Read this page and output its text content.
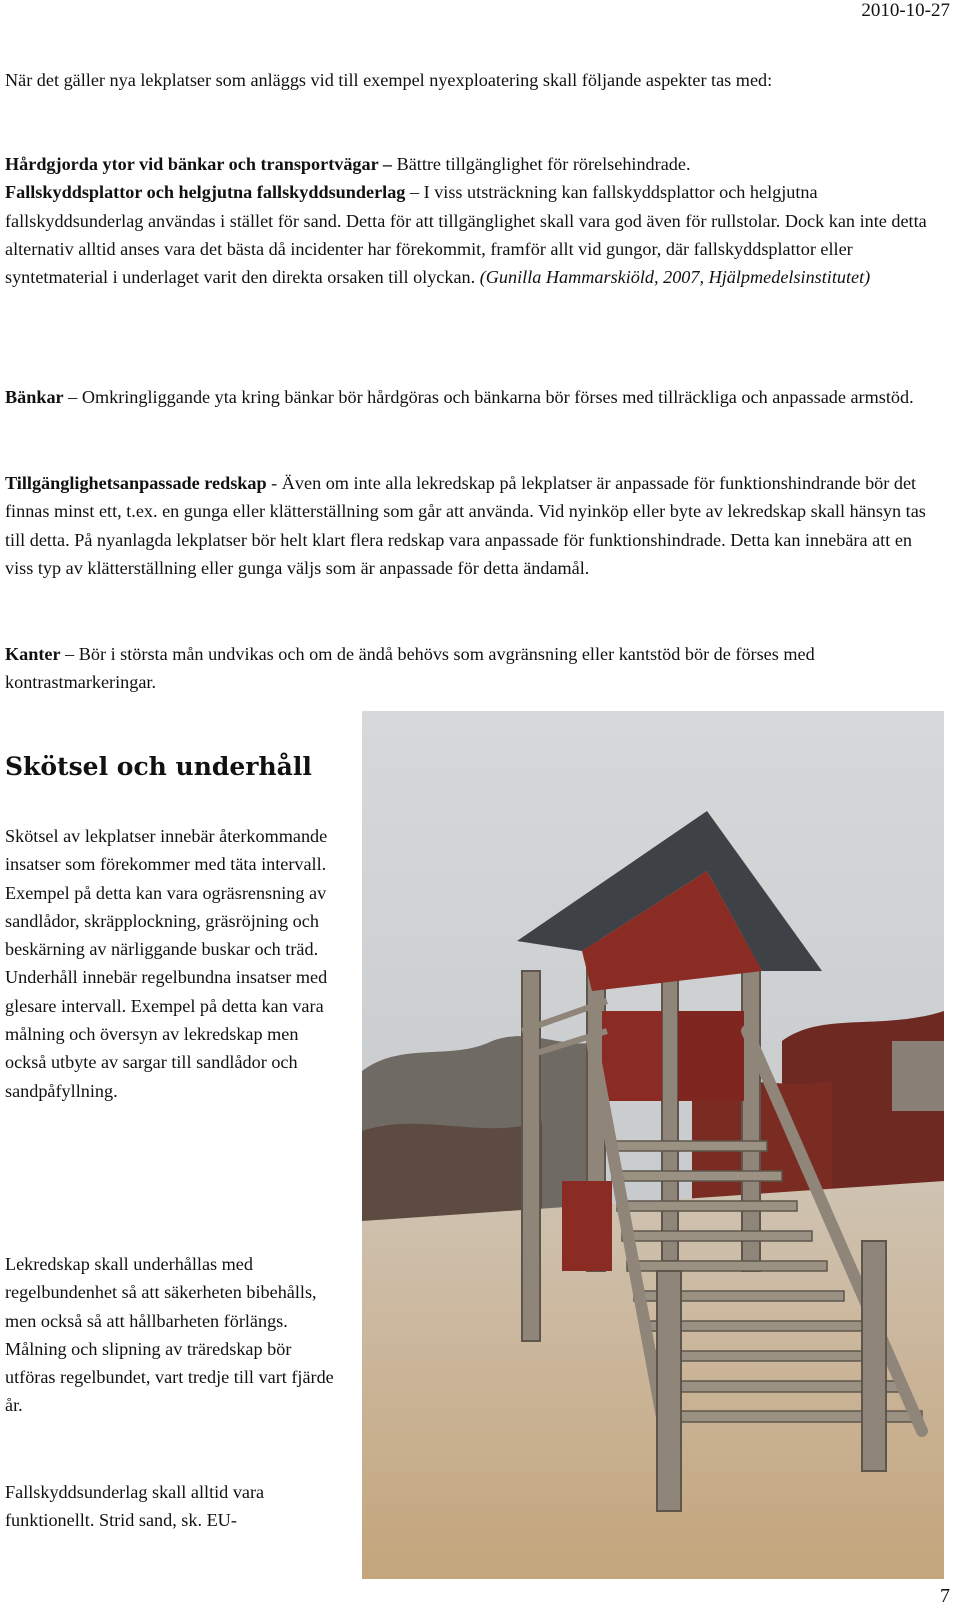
2010-10-27

När det gäller nya lekplatser som anläggs vid till exempel nyexploatering skall följande aspekter tas med:

Hårdgjorda ytor vid bänkar och transportvägar – Bättre tillgänglighet för rörelsehindrade.
Fallskyddsplattor och helgjutna fallskyddsunderlag – I viss utsträckning kan fallskyddsplattor och helgjutna fallskyddsunderlag användas i stället för sand. Detta för att tillgänglighet skall vara god även för rullstolar. Dock kan inte detta alternativ alltid anses vara det bästa då incidenter har förekommit, framför allt vid gungor, där fallskyddsplattor eller syntetmaterial i underlaget varit den direkta orsaken till olyckan. (Gunilla Hammarskiöld, 2007, Hjälpmedelsinstitutet)

Bänkar – Omkringliggande yta kring bänkar bör hårdgöras och bänkarna bör förses med tillräckliga och anpassade armstöd.

Tillgänglighetsanpassade redskap - Även om inte alla lekredskap på lekplatser är anpassade för funktionshindrande bör det finnas minst ett, t.ex. en gunga eller klätterställning som går att använda. Vid nyinköp eller byte av lekredskap skall hänsyn tas till detta. På nyanlagda lekplatser bör helt klart flera redskap vara anpassade för funktionshindrade. Detta kan innebära att en viss typ av klätterställning eller gunga väljs som är anpassade för detta ändamål.

Kanter – Bör i största mån undvikas och om de ändå behövs som avgränsning eller kantstöd bör de förses med kontrastmarkeringar.

Skötsel och underhåll

Skötsel av lekplatser innebär återkommande insatser som förekommer med täta intervall. Exempel på detta kan vara ogräsrensning av sandlådor, skräpplockning, gräsröjning och beskärning av närliggande buskar och träd. Underhåll innebär regelbundna insatser med glesare intervall. Exempel på detta kan vara målning och översyn av lekredskap men också utbyte av sargar till sandlådor och sandpåfyllning.

Lekredskap skall underhållas med regelbundenhet så att säkerheten bibehålls, men också så att hållbarheten förlängs. Målning och slipning av träredskap bör utföras regelbundet, vart tredje till vart fjärde år.

Fallskyddsunderlag skall alltid vara funktionellt. Strid sand, sk. EU-

7
